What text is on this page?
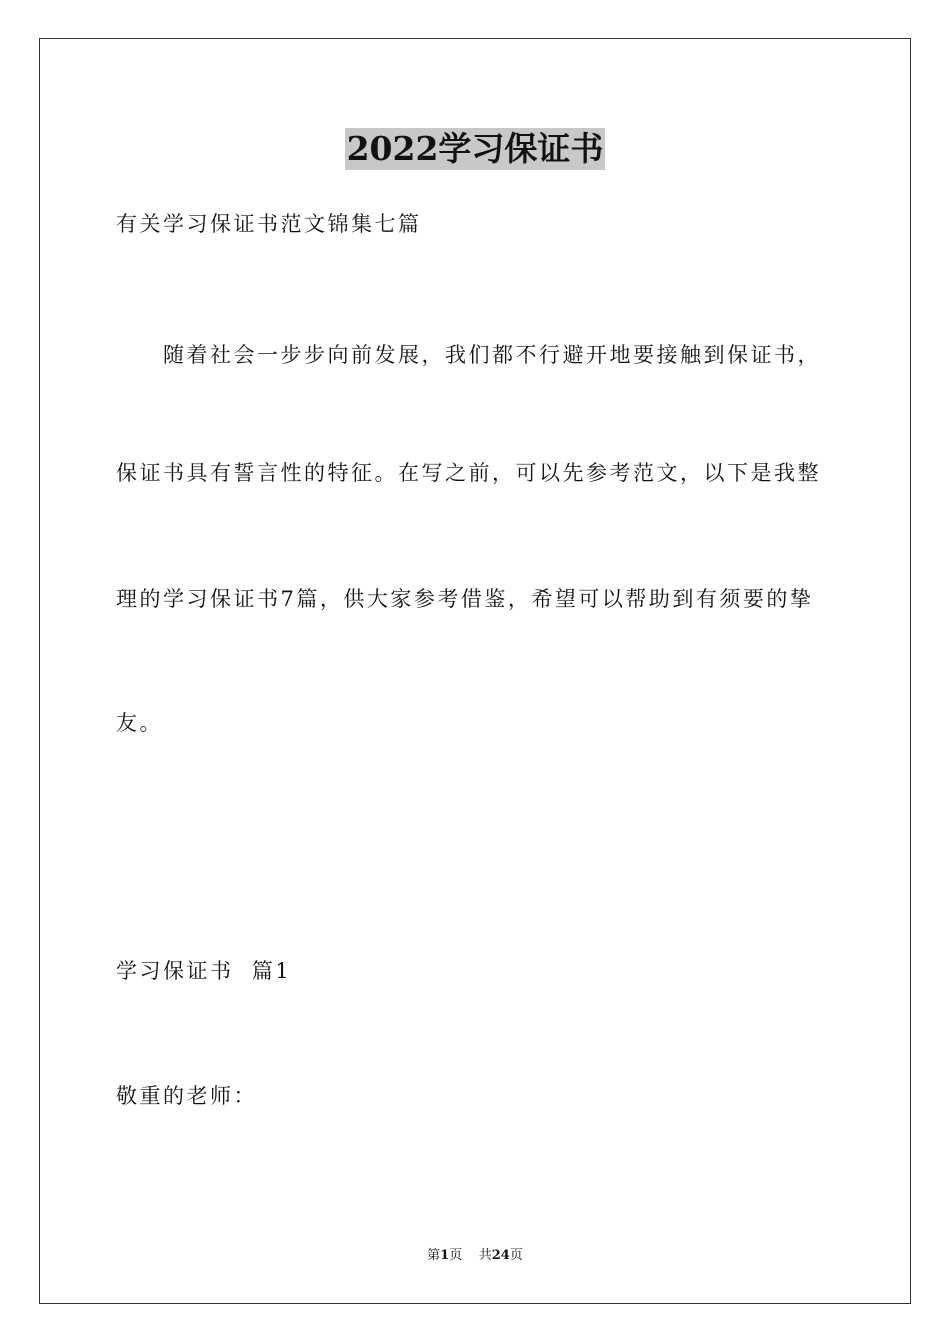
2022学习保证书
有关学习保证书范文锦集七篇
随着社会一步步向前发展，我们都不行避开地要接触到保证书，
保证书具有誓言性的特征。在写之前，可以先参考范文，以下是我整
理的学习保证书7篇，供大家参考借鉴，希望可以帮助到有须要的挚
友。
学习保证书  篇1
敬重的老师：
第1页 共24页
